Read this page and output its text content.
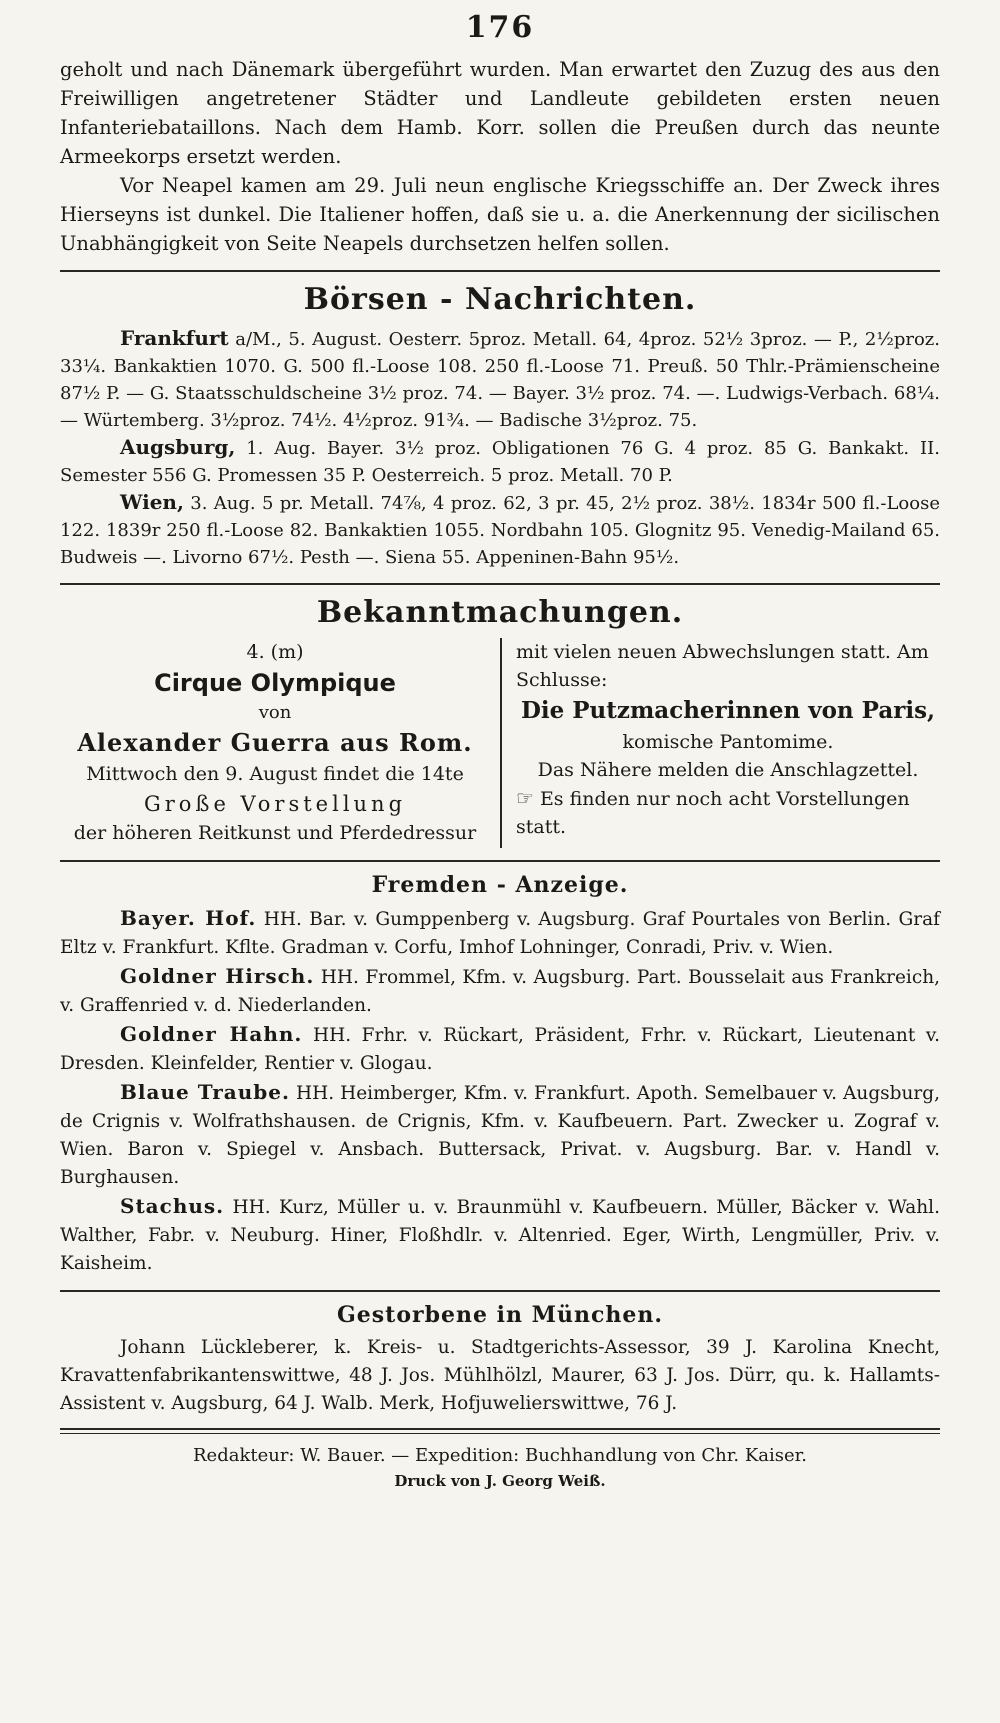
176

geholt und nach Dänemark übergeführt wurden. Man erwartet den Zuzug des aus den Freiwilligen angetretener Städter und Landleute gebildeten ersten neuen Infanteriebataillons. Nach dem Hamb. Korr. sollen die Preußen durch das neunte Armeekorps ersetzt werden.

Vor Neapel kamen am 29. Juli neun englische Kriegsschiffe an. Der Zweck ihres Hierseyns ist dunkel. Die Italiener hoffen, daß sie u. a. die Anerkennung der sicilischen Unabhängigkeit von Seite Neapels durchsetzen helfen sollen.

Börsen - Nachrichten.

Frankfurt a/M., 5. August. Oesterr. 5proz. Metall. 64, 4proz. 52½ 3proz. — P., 2½proz. 33¼. Bankaktien 1070. G. 500 fl.-Loose 108. 250 fl.-Loose 71. Preuß. 50 Thlr.-Prämienscheine 87½ P. — G. Staatsschuldscheine 3½ proz. 74. — Bayer. 3½ proz. 74. —. Ludwigs-Verbach. 68¼. — Würtemberg. 3½proz. 74½. 4½proz. 91¾. — Badische 3½proz. 75.

Augsburg, 1. Aug. Bayer. 3½ proz. Obligationen 76 G. 4 proz. 85 G. Bankakt. II. Semester 556 G. Promessen 35 P. Oesterreich. 5 proz. Metall. 70 P.

Wien, 3. Aug. 5 pr. Metall. 74⅞, 4 proz. 62, 3 pr. 45, 2½ proz. 38½. 1834r 500 fl.-Loose 122. 1839r 250 fl.-Loose 82. Bankaktien 1055. Nordbahn 105. Glognitz 95. Venedig-Mailand 65. Budweis —. Livorno 67½. Pesth —. Siena 55. Appeninen-Bahn 95½.

Bekanntmachungen.
4. (m)
Cirque Olympique
von
Alexander Guerra aus Rom.
Mittwoch den 9. August findet die 14te
Große Vorstellung
der höheren Reitkunst und Pferdedressur
mit vielen neuen Abwechslungen statt. Am Schlusse:
Die Putzmacherinnen von Paris,
komische Pantomime.
Das Nähere melden die Anschlagzettel.
☞ Es finden nur noch acht Vorstellungen statt.
Fremden - Anzeige.

Bayer. Hof. HH. Bar. v. Gumppenberg v. Augsburg. Graf Pourtales von Berlin. Graf Eltz v. Frankfurt. Kflte. Gradman v. Corfu, Imhof Lohninger, Conradi, Priv. v. Wien.

Goldner Hirsch. HH. Frommel, Kfm. v. Augsburg. Part. Bousselait aus Frankreich, v. Graffenried v. d. Niederlanden.

Goldner Hahn. HH. Frhr. v. Rückart, Präsident, Frhr. v. Rückart, Lieutenant v. Dresden. Kleinfelder, Rentier v. Glogau.

Blaue Traube. HH. Heimberger, Kfm. v. Frankfurt. Apoth. Semelbauer v. Augsburg, de Crignis v. Wolfrathshausen. de Crignis, Kfm. v. Kaufbeuern. Part. Zwecker u. Zograf v. Wien. Baron v. Spiegel v. Ansbach. Buttersack, Privat. v. Augsburg. Bar. v. Handl v. Burghausen.

Stachus. HH. Kurz, Müller u. v. Braunmühl v. Kaufbeuern. Müller, Bäcker v. Wahl. Walther, Fabr. v. Neuburg. Hiner, Floßhdlr. v. Altenried. Eger, Wirth, Lengmüller, Priv. v. Kaisheim.

Gestorbene in München.

Johann Lückleberer, k. Kreis- u. Stadtgerichts-Assessor, 39 J. Karolina Knecht, Kravattenfabrikantenswittwe, 48 J. Jos. Mühlhölzl, Maurer, 63 J. Jos. Dürr, qu. k. Hallamts-Assistent v. Augsburg, 64 J. Walb. Merk, Hofjuwelierswittwe, 76 J.

Redakteur: W. Bauer. — Expedition: Buchhandlung von Chr. Kaiser.
Druck von J. Georg Weiß.
